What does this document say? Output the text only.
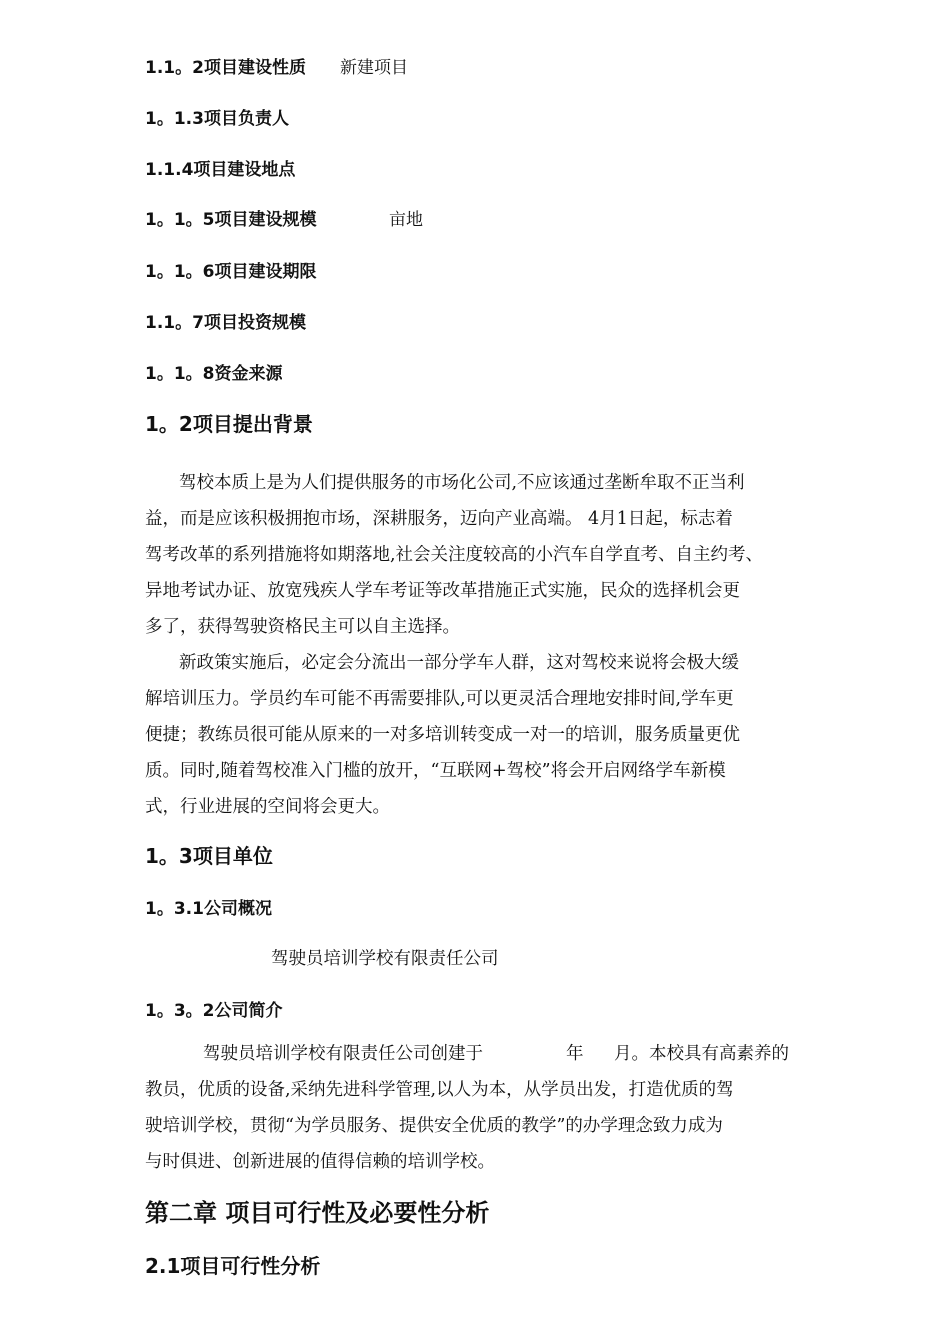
1.1。2项目建设性质 新建项目
1。1.3项目负责人
1.1.4项目建设地点
1。1。5项目建设规模	亩地
1。1。6项目建设期限
1.1。7项目投资规模
1。1。8资金来源
1。2项目提出背景
驾校本质上是为人们提供服务的市场化公司,不应该通过垄断牟取不正当利
益，而是应该积极拥抱市场，深耕服务，迈向产业高端。 4月1日起，标志着
驾考改革的系列措施将如期落地,社会关注度较高的小汽车自学直考、自主约考、
异地考试办证、放宽残疾人学车考证等改革措施正式实施，民众的选择机会更
多了，获得驾驶资格民主可以自主选择。
新政策实施后，必定会分流出一部分学车人群，这对驾校来说将会极大缓
解培训压力。学员约车可能不再需要排队,可以更灵活合理地安排时间,学车更
便捷；教练员很可能从原来的一对多培训转变成一对一的培训，服务质量更优
质。同时,随着驾校准入门槛的放开，“互联网+驾校”将会开启网络学车新模
式，行业进展的空间将会更大。
1。3项目单位
1。3.1公司概况
驾驶员培训学校有限责任公司
1。3。2公司简介
驾驶员培训学校有限责任公司创建于	年 月。本校具有高素养的
教员，优质的设备,采纳先进科学管理,以人为本，从学员出发，打造优质的驾
驶培训学校，贯彻“为学员服务、提供安全优质的教学”的办学理念致力成为
与时俱进、创新进展的值得信赖的培训学校。
第二章 项目可行性及必要性分析
2.1项目可行性分析
